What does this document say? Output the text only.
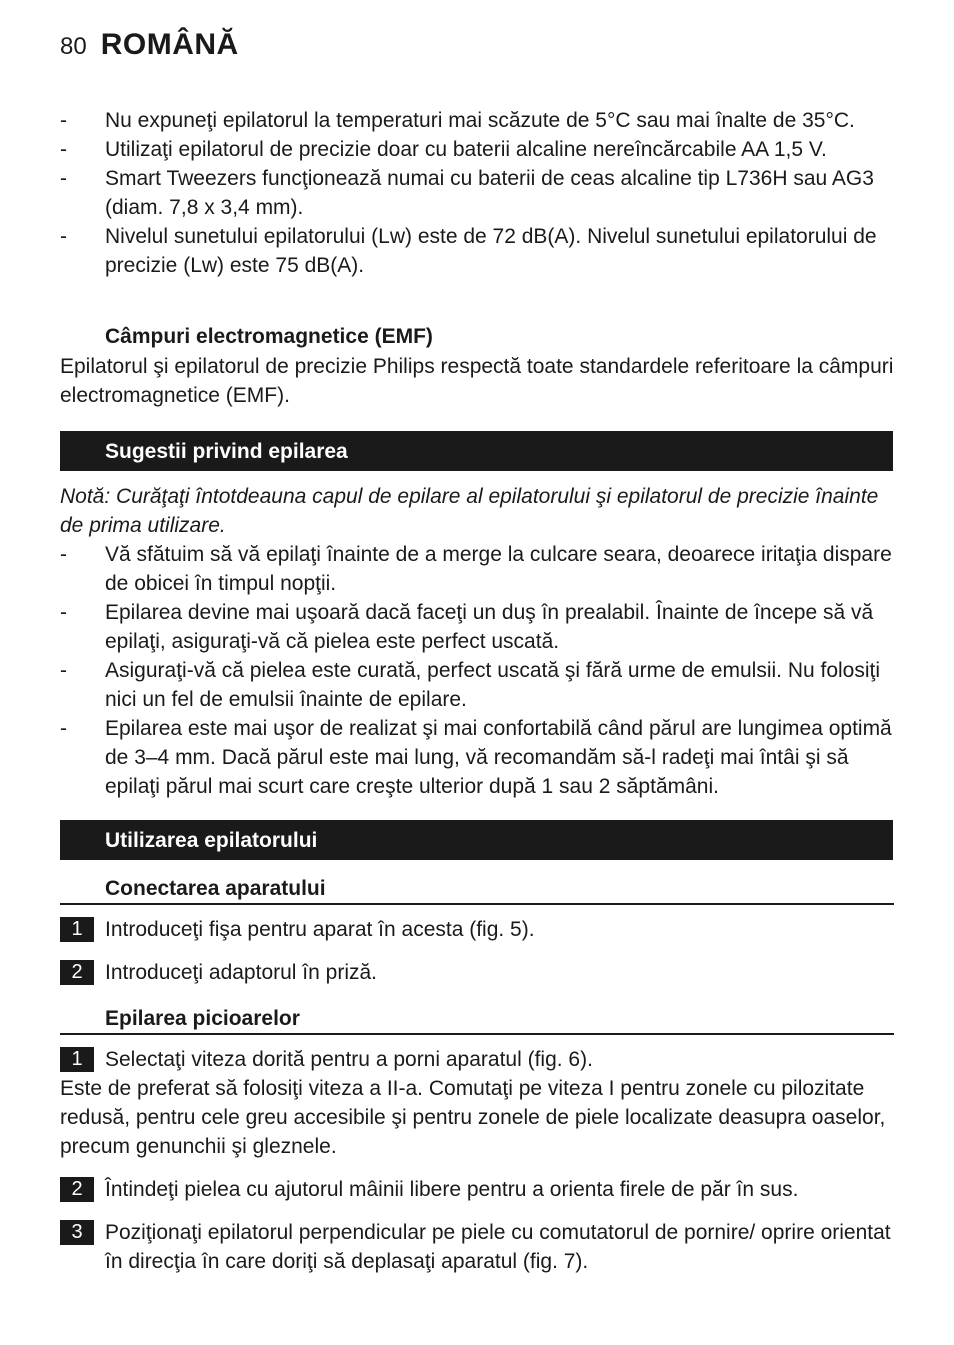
80 ROMÂNĂ
- Nu expuneţi epilatorul la temperaturi mai scăzute de 5°C sau mai înalte de 35°C.
- Utilizaţi epilatorul de precizie doar cu baterii alcaline nereîncărcabile AA 1,5 V.
- Smart Tweezers funcţionează numai cu baterii de ceas alcaline tip L736H sau AG3 (diam. 7,8 x 3,4 mm).
- Nivelul sunetului epilatorului (Lw) este de 72 dB(A). Nivelul sunetului epilatorului de precizie (Lw) este 75 dB(A).
Câmpuri electromagnetice (EMF)
Epilatorul şi epilatorul de precizie Philips respectă toate standardele referitoare la câmpuri electromagnetice (EMF).
Sugestii privind epilarea
Notă: Curăţaţi întotdeauna capul de epilare al epilatorului şi epilatorul de precizie înainte de prima utilizare.
- Vă sfătuim să vă epilaţi înainte de a merge la culcare seara, deoarece iritaţia dispare de obicei în timpul nopţii.
- Epilarea devine mai uşoară dacă faceţi un duş în prealabil. Înainte de începe să vă epilaţi, asiguraţi-vă că pielea este perfect uscată.
- Asiguraţi-vă că pielea este curată, perfect uscată şi fără urme de emulsii. Nu folosiţi nici un fel de emulsii înainte de epilare.
- Epilarea este mai uşor de realizat şi mai confortabilă când părul are lungimea optimă de 3–4 mm. Dacă părul este mai lung, vă recomandăm să-l radeţi mai întâi şi să epilaţi părul mai scurt care creşte ulterior după 1 sau 2 săptămâni.
Utilizarea epilatorului
Conectarea aparatului
1	Introduceţi fişa pentru aparat în acesta (fig. 5).
2	Introduceţi adaptorul în priză.
Epilarea picioarelor
1	Selectaţi viteza dorită pentru a porni aparatul (fig. 6).
Este de preferat să folosiţi viteza a II-a. Comutaţi pe viteza I pentru zonele cu pilozitate redusă, pentru cele greu accesibile şi pentru zonele de piele localizate deasupra oaselor, precum genunchii şi gleznele.
2	Întindeţi pielea cu ajutorul mâinii libere pentru a orienta firele de păr în sus.
3	Poziţionaţi epilatorul perpendicular pe piele cu comutatorul de pornire/ oprire orientat în direcţia în care doriţi să deplasaţi aparatul (fig. 7).
